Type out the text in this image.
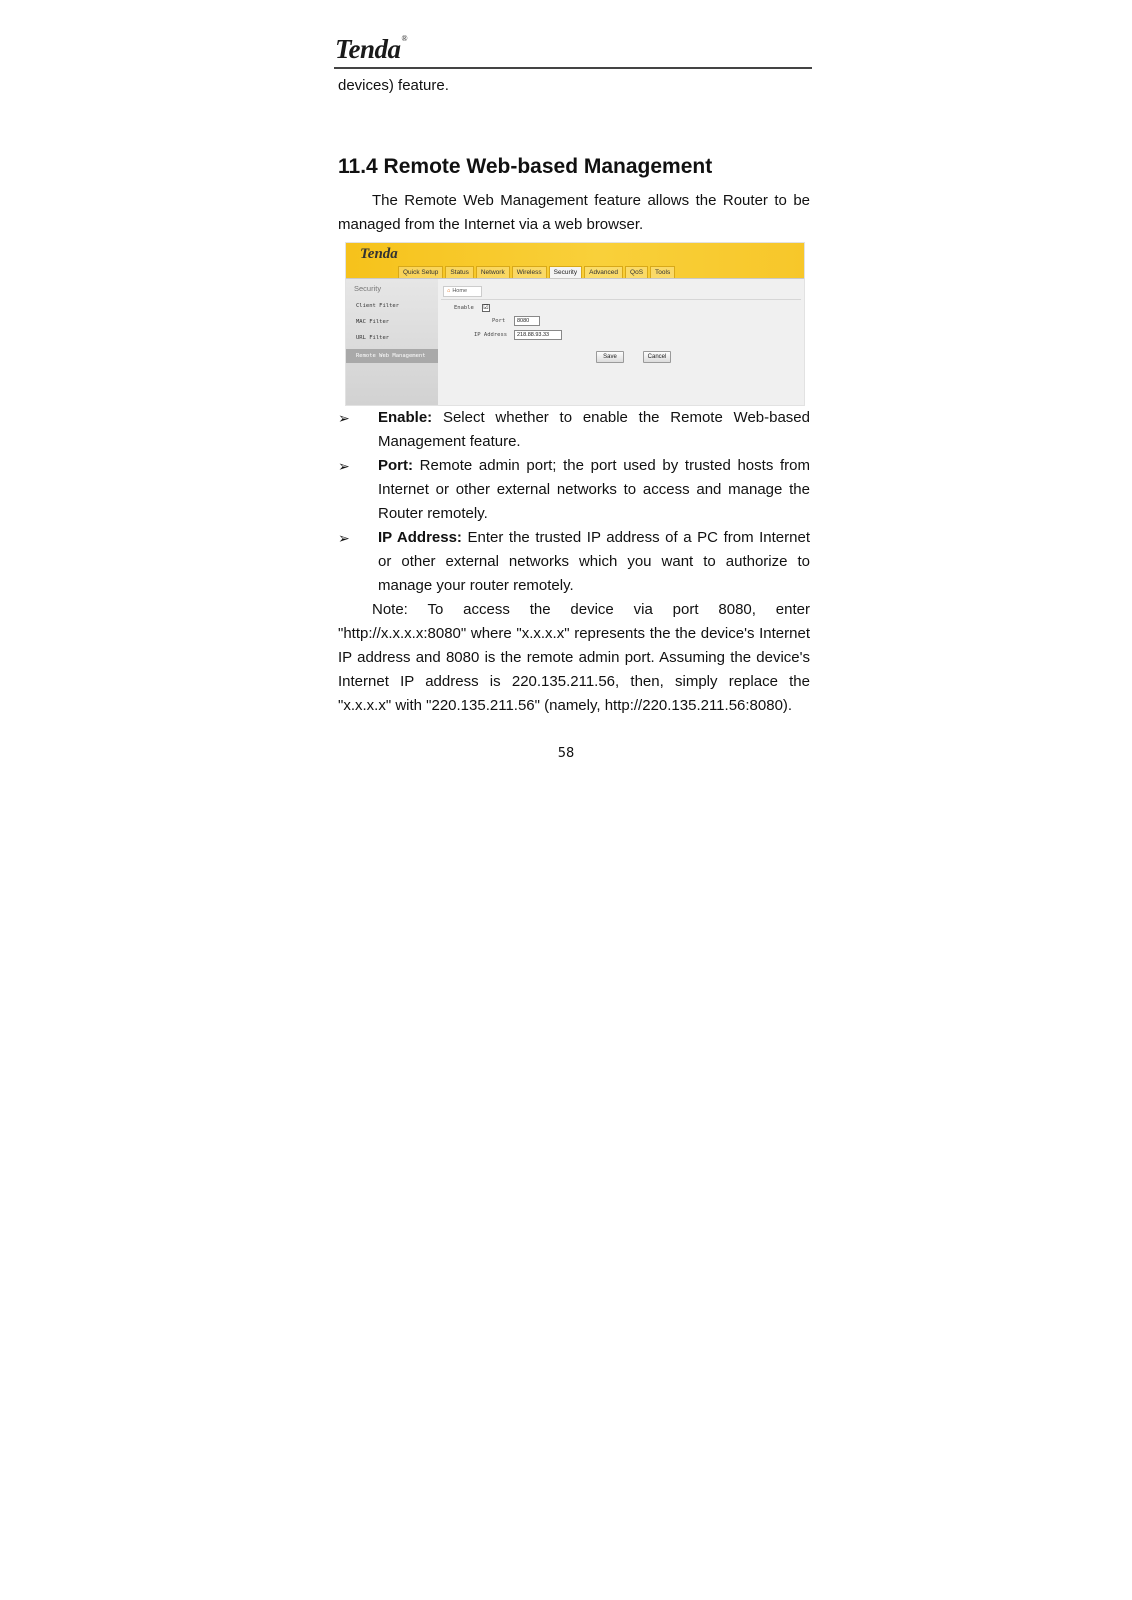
Tenda®
devices) feature.
11.4 Remote Web-based Management

The Remote Web Management feature allows the Router to be managed from the Internet via a web browser.

Tenda
Quick Setup	Status	Network	Wireless	Security	Advanced	QoS	Tools
Security
Client Filter
MAC Filter
URL Filter
Remote Web Management
⌂ Home
Enable ☑
Port	8080
IP Address	218.88.93.33
Save	Cancel
➢ Enable: Select whether to enable the Remote Web-based Management feature.
➢ Port: Remote admin port; the port used by trusted hosts from Internet or other external networks to access and manage the Router remotely.
➢ IP Address: Enter the trusted IP address of a PC from Internet or other external networks which you want to authorize to manage your router remotely.

Note: To access the device via port 8080, enter "http://x.x.x.x:8080" where "x.x.x.x" represents the the device's Internet IP address and 8080 is the remote admin port. Assuming the device's Internet IP address is 220.135.211.56, then, simply replace the "x.x.x.x" with "220.135.211.56" (namely, http://220.135.211.56:8080).

58
